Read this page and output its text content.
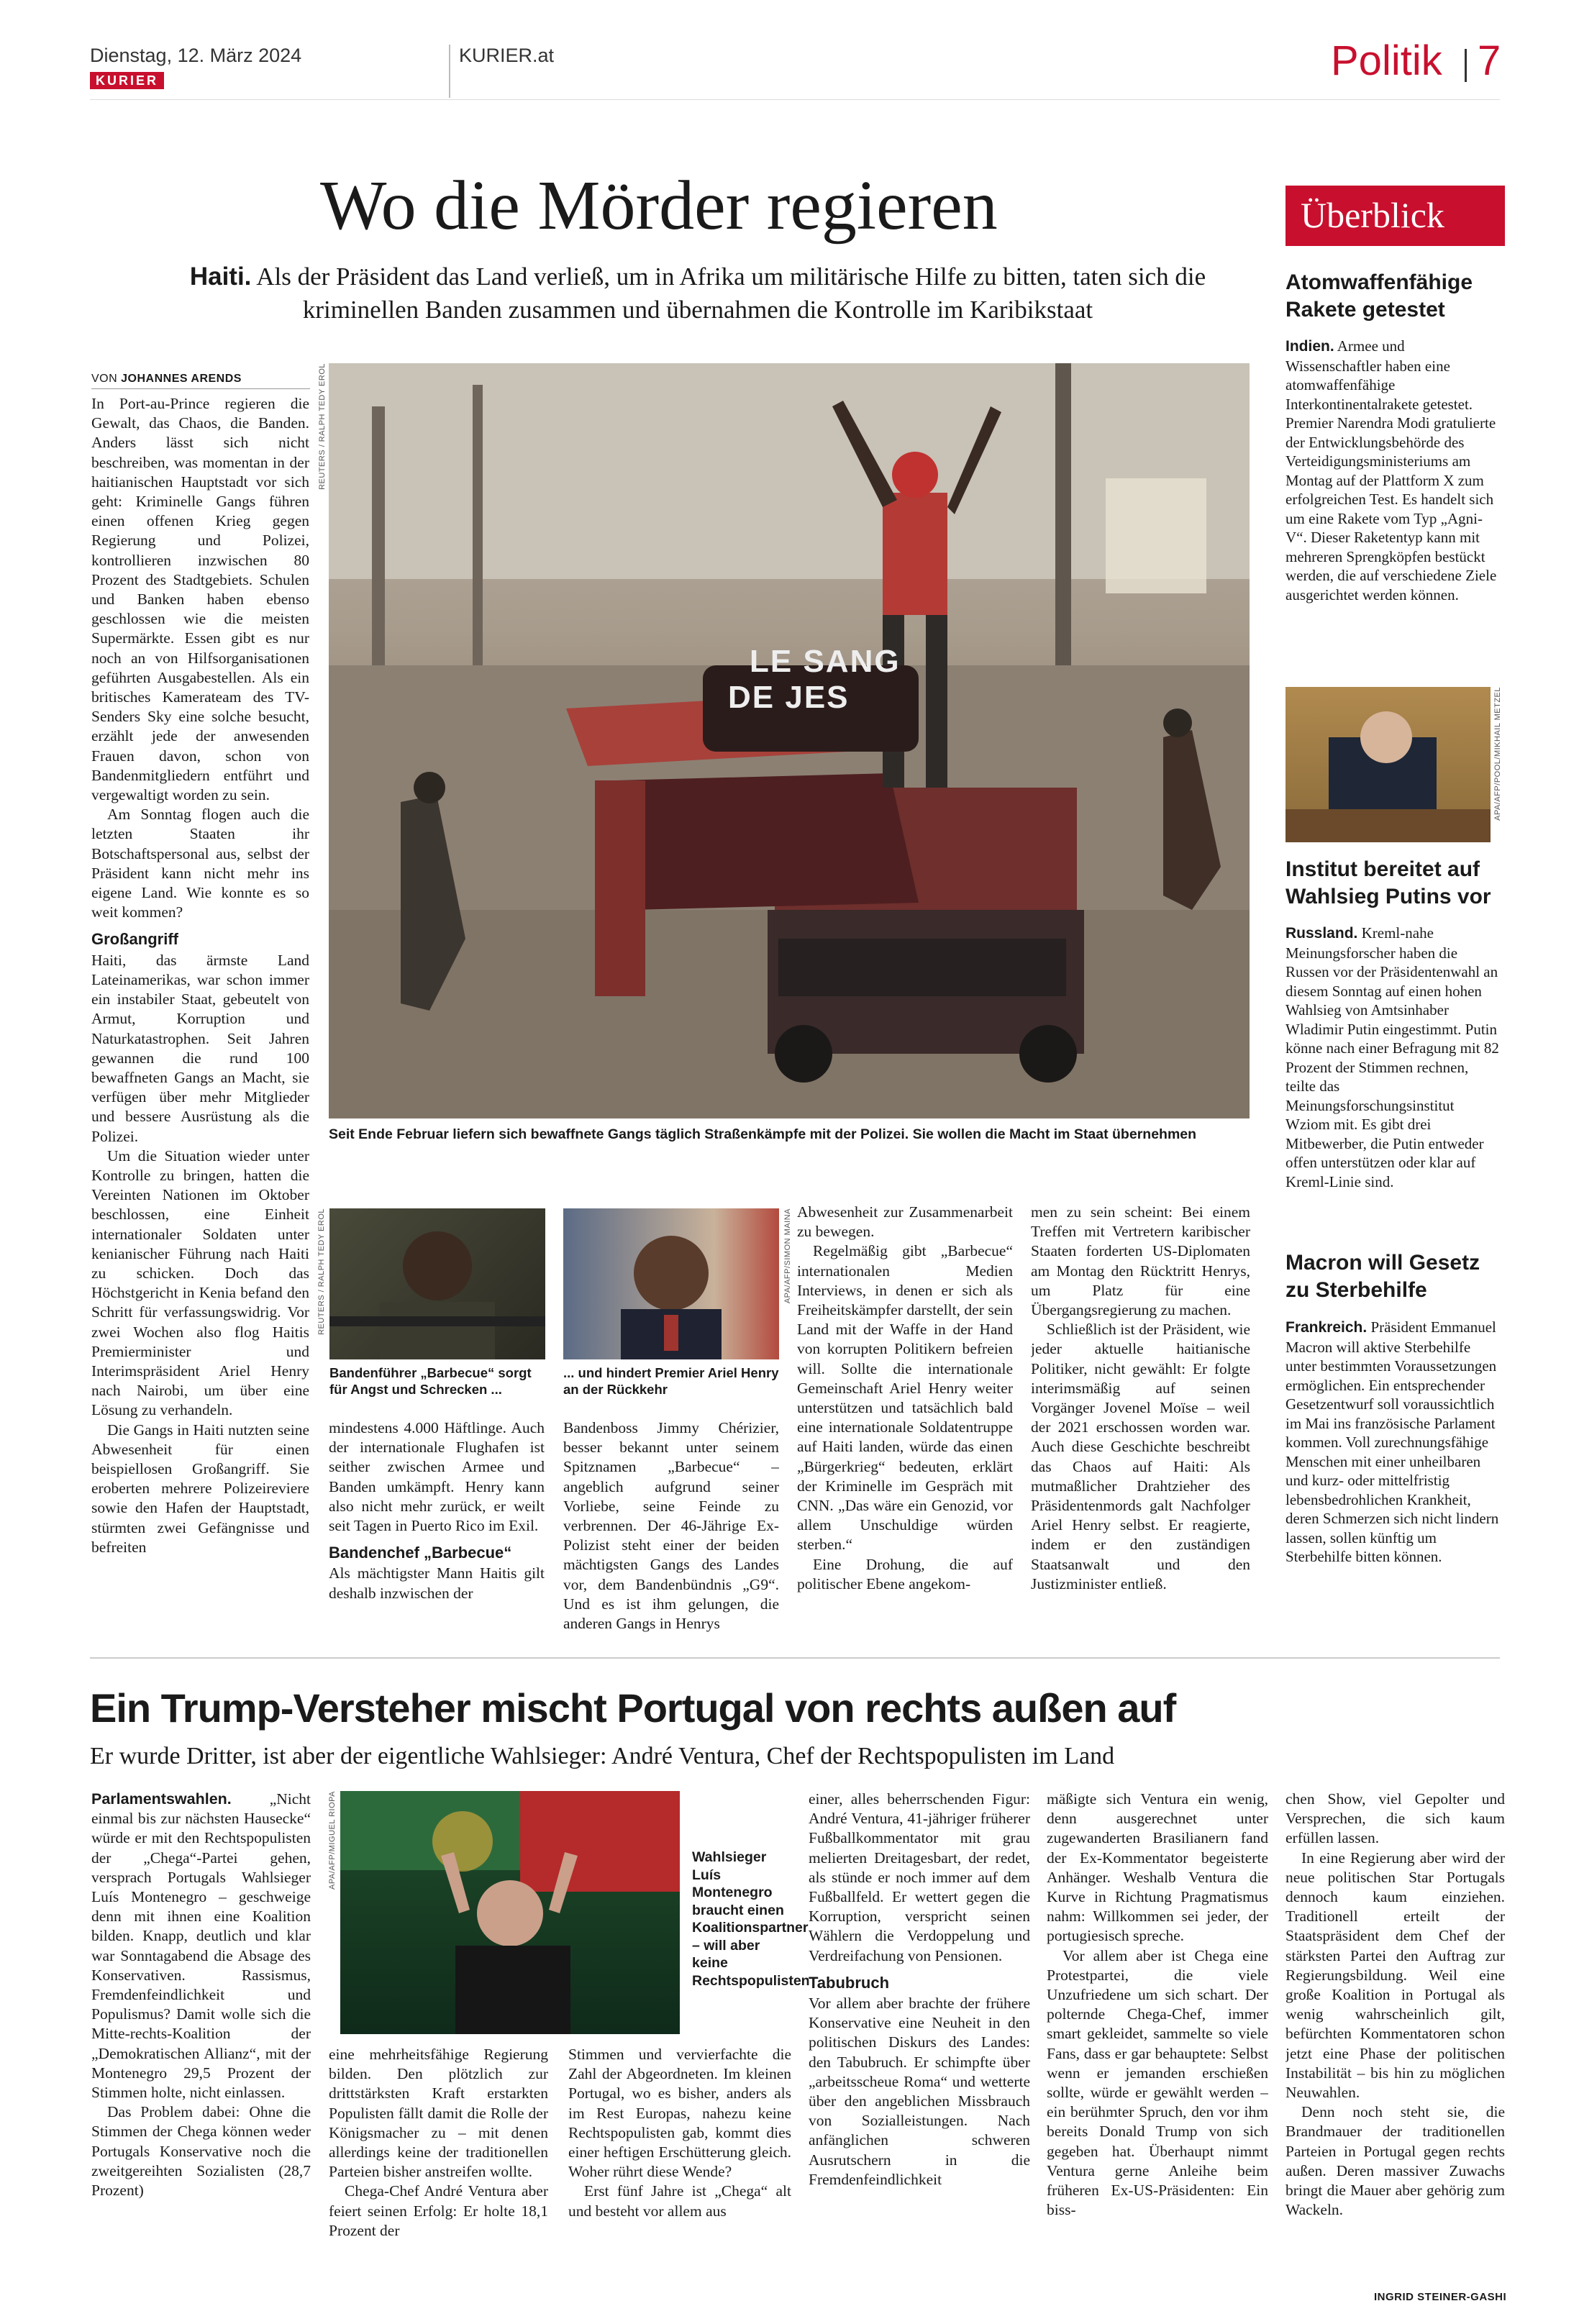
Dienstag, 12. März 2024
KURIER
KURIER.at	Politik 7
Wo die Mörder regieren
Haiti. Als der Präsident das Land verließ, um in Afrika um militärische Hilfe zu bitten, taten sich die kriminellen Banden zusammen und übernahmen die Kontrolle im Karibikstaat
VON JOHANNES ARENDS

In Port-au-Prince regieren die Gewalt, das Chaos, die Banden. Anders lässt sich nicht beschreiben, was momentan in der haitianischen Hauptstadt vor sich geht: Kriminelle Gangs führen einen offenen Krieg gegen Regierung und Polizei, kontrollieren inzwischen 80 Prozent des Stadtgebiets. Schulen und Banken haben ebenso geschlossen wie die meisten Supermärkte. Essen gibt es nur noch an von Hilfsorganisationen geführten Ausgabestellen. Als ein britisches Kamerateam des TV-Senders Sky eine solche besucht, erzählt jede der anwesenden Frauen davon, schon von Bandenmitgliedern entführt und vergewaltigt worden zu sein.

Am Sonntag flogen auch die letzten Staaten ihr Botschaftspersonal aus, selbst der Präsident kann nicht mehr ins eigene Land. Wie konnte es so weit kommen?

Großangriff

Haiti, das ärmste Land Lateinamerikas, war schon immer ein instabiler Staat, gebeutelt von Armut, Korruption und Naturkatastrophen. Seit Jahren gewannen die rund 100 bewaffneten Gangs an Macht, sie verfügen über mehr Mitglieder und bessere Ausrüstung als die Polizei.

Um die Situation wieder unter Kontrolle zu bringen, hatten die Vereinten Nationen im Oktober beschlossen, eine Einheit internationaler Soldaten unter kenianischer Führung nach Haiti zu schicken. Doch das Höchstgericht in Kenia befand den Schritt für verfassungswidrig. Vor zwei Wochen also flog Haitis Premierminister und Interimspräsident Ariel Henry nach Nairobi, um über eine Lösung zu verhandeln.

Die Gangs in Haiti nutzten seine Abwesenheit für einen beispiellosen Großangriff. Sie eroberten mehrere Polizeireviere sowie den Hafen der Hauptstadt, stürmten zwei Gefängnisse und befreiten

REUTERS / RALPH TEDY EROL
LE SANG
DE JES
Seit Ende Februar liefern sich bewaffnete Gangs täglich Straßenkämpfe mit der Polizei. Sie wollen die Macht im Staat übernehmen
REUTERS / RALPH TEDY EROL
Bandenführer „Barbecue“ sorgt für Angst und Schrecken ...
APA/AFP/SIMON MAINA
... und hindert Premier Ariel Henry an der Rückkehr

mindestens 4.000 Häftlinge. Auch der internationale Flughafen ist seither zwischen Armee und Banden umkämpft. Henry kann also nicht mehr zurück, er weilt seit Tagen in Puerto Rico im Exil.

Bandenchef „Barbecue“

Als mächtigster Mann Haitis gilt deshalb inzwischen der

Bandenboss Jimmy Chérizier, besser bekannt unter seinem Spitznamen „Barbecue“ – angeblich aufgrund seiner Vorliebe, seine Feinde zu verbrennen. Der 46-Jährige Ex-Polizist steht einer der beiden mächtigsten Gangs des Landes vor, dem Bandenbündnis „G9“. Und es ist ihm gelungen, die anderen Gangs in Henrys

Abwesenheit zur Zusammenarbeit zu bewegen.

Regelmäßig gibt „Barbecue“ internationalen Medien Interviews, in denen er sich als Freiheitskämpfer darstellt, der sein Land mit der Waffe in der Hand von korrupten Politikern befreien will. Sollte die internationale Gemeinschaft Ariel Henry weiter unterstützen und tatsächlich bald eine internationale Soldatentruppe auf Haiti landen, würde das einen „Bürgerkrieg“ bedeuten, erklärt der Kriminelle im Gespräch mit CNN. „Das wäre ein Genozid, vor allem Unschuldige würden sterben.“

Eine Drohung, die auf politischer Ebene angekom-

men zu sein scheint: Bei einem Treffen mit Vertretern karibischer Staaten forderten US-Diplomaten am Montag den Rücktritt Henrys, um Platz für eine Übergangsregierung zu machen.

Schließlich ist der Präsident, wie jeder aktuelle haitianische Politiker, nicht gewählt: Er folgte interimsmäßig auf seinen Vorgänger Jovenel Moïse – weil der 2021 erschossen worden war. Auch diese Geschichte beschreibt das Chaos auf Haiti: Als mutmaßlicher Drahtzieher des Präsidentenmords galt Nachfolger Ariel Henry selbst. Er reagierte, indem er den zuständigen Staatsanwalt und den Justizminister entließ.

Überblick
Atomwaffenfähige Rakete getestet
Indien. Armee und Wissenschaftler haben eine atomwaffenfähige Interkontinentalrakete getestet. Premier Narendra Modi gratulierte der Entwicklungsbehörde des Verteidigungsministeriums am Montag auf der Plattform X zum erfolgreichen Test. Es handelt sich um eine Rakete vom Typ „Agni-V“. Dieser Raketentyp kann mit mehreren Sprengköpfen bestückt werden, die auf verschiedene Ziele ausgerichtet werden können.
APA/AFP/POOL/MIKHAIL METZEL
Institut bereitet auf Wahlsieg Putins vor
Russland. Kreml-nahe Meinungsforscher haben die Russen vor der Präsidentenwahl an diesem Sonntag auf einen hohen Wahlsieg von Amtsinhaber Wladimir Putin eingestimmt. Putin könne nach einer Befragung mit 82 Prozent der Stimmen rechnen, teilte das Meinungsforschungsinstitut Wziom mit. Es gibt drei Mitbewerber, die Putin entweder offen unterstützen oder klar auf Kreml-Linie sind.
Macron will Gesetz zu Sterbehilfe
Frankreich. Präsident Emmanuel Macron will aktive Sterbehilfe unter bestimmten Voraussetzungen ermöglichen. Ein entsprechender Gesetzentwurf soll voraussichtlich im Mai ins französische Parlament kommen. Voll zurechnungsfähige Menschen mit einer unheilbaren und kurz- oder mittelfristig lebensbedrohlichen Krankheit, deren Schmerzen sich nicht lindern lassen, sollen künftig um Sterbehilfe bitten können.
Ein Trump-Versteher mischt Portugal von rechts außen auf
Er wurde Dritter, ist aber der eigentliche Wahlsieger: André Ventura, Chef der Rechtspopulisten im Land

Parlamentswahlen. „Nicht einmal bis zur nächsten Hausecke“ würde er mit den Rechtspopulisten der „Chega“-Partei gehen, versprach Portugals Wahlsieger Luís Montenegro – geschweige denn mit ihnen eine Koalition bilden. Knapp, deutlich und klar war Sonntagabend die Absage des Konservativen. Rassismus, Fremdenfeindlichkeit und Populismus? Damit wolle sich die Mitte-rechts-Koalition der „Demokratischen Allianz“, mit der Montenegro 29,5 Prozent der Stimmen holte, nicht einlassen.

Das Problem dabei: Ohne die Stimmen der Chega können weder Portugals Konservative noch die zweitgereihten Sozialisten (28,7 Prozent)

APA/AFP/MIGUEL RIOPA	Wahlsieger Luís Montenegro braucht einen Koalitionspartner – will aber keine Rechtspopulisten

eine mehrheitsfähige Regierung bilden. Den plötzlich zur drittstärksten Kraft erstarkten Populisten fällt damit die Rolle der Königsmacher zu – mit denen allerdings keine der traditionellen Parteien bisher anstreifen wollte.

Chega-Chef André Ventura aber feiert seinen Erfolg: Er holte 18,1 Prozent der

Stimmen und vervierfachte die Zahl der Abgeordneten. Im kleinen Portugal, wo es bisher, anders als im Rest Europas, nahezu keine Rechtspopulisten gab, kommt dies einer heftigen Erschütterung gleich. Woher rührt diese Wende?

Erst fünf Jahre ist „Chega“ alt und besteht vor allem aus

einer, alles beherrschenden Figur: André Ventura, 41-jähriger früherer Fußballkommentator mit grau melierten Dreitagesbart, der redet, als stünde er noch immer auf dem Fußballfeld. Er wettert gegen die Korruption, verspricht seinen Wählern die Verdoppelung und Verdreifachung von Pensionen.

Tabubruch

Vor allem aber brachte der frühere Konservative eine Neuheit in den politischen Diskurs des Landes: den Tabubruch. Er schimpfte über „arbeitsscheue Roma“ und wetterte über den angeblichen Missbrauch von Sozialleistungen. Nach anfänglichen schweren Ausrutschern in die Fremdenfeindlichkeit

mäßigte sich Ventura ein wenig, denn ausgerechnet unter zugewanderten Brasilianern fand der Ex-Kommentator begeisterte Anhänger. Weshalb Ventura die Kurve in Richtung Pragmatismus nahm: Willkommen sei jeder, der portugiesisch spreche.

Vor allem aber ist Chega eine Protestpartei, die viele Unzufriedene um sich schart. Der polternde Chega-Chef, immer smart gekleidet, sammelte so viele Fans, dass er gar behauptete: Selbst wenn er jemanden erschießen sollte, würde er gewählt werden – ein berühmter Spruch, den vor ihm bereits Donald Trump von sich gegeben hat. Überhaupt nimmt Ventura gerne Anleihe beim früheren Ex-US-Präsidenten: Ein biss-

chen Show, viel Gepolter und Versprechen, die sich kaum erfüllen lassen.

In eine Regierung aber wird der neue politischen Star Portugals dennoch kaum einziehen. Traditionell erteilt der Staatspräsident dem Chef der stärksten Partei den Auftrag zur Regierungsbildung. Weil eine große Koalition in Portugal als wenig wahrscheinlich gilt, befürchten Kommentatoren schon jetzt eine Phase der politischen Instabilität – bis hin zu möglichen Neuwahlen.

Denn noch steht sie, die Brandmauer der traditionellen Parteien in Portugal gegen rechts außen. Deren massiver Zuwachs bringt die Mauer aber gehörig zum Wackeln.

INGRID STEINER-GASHI
